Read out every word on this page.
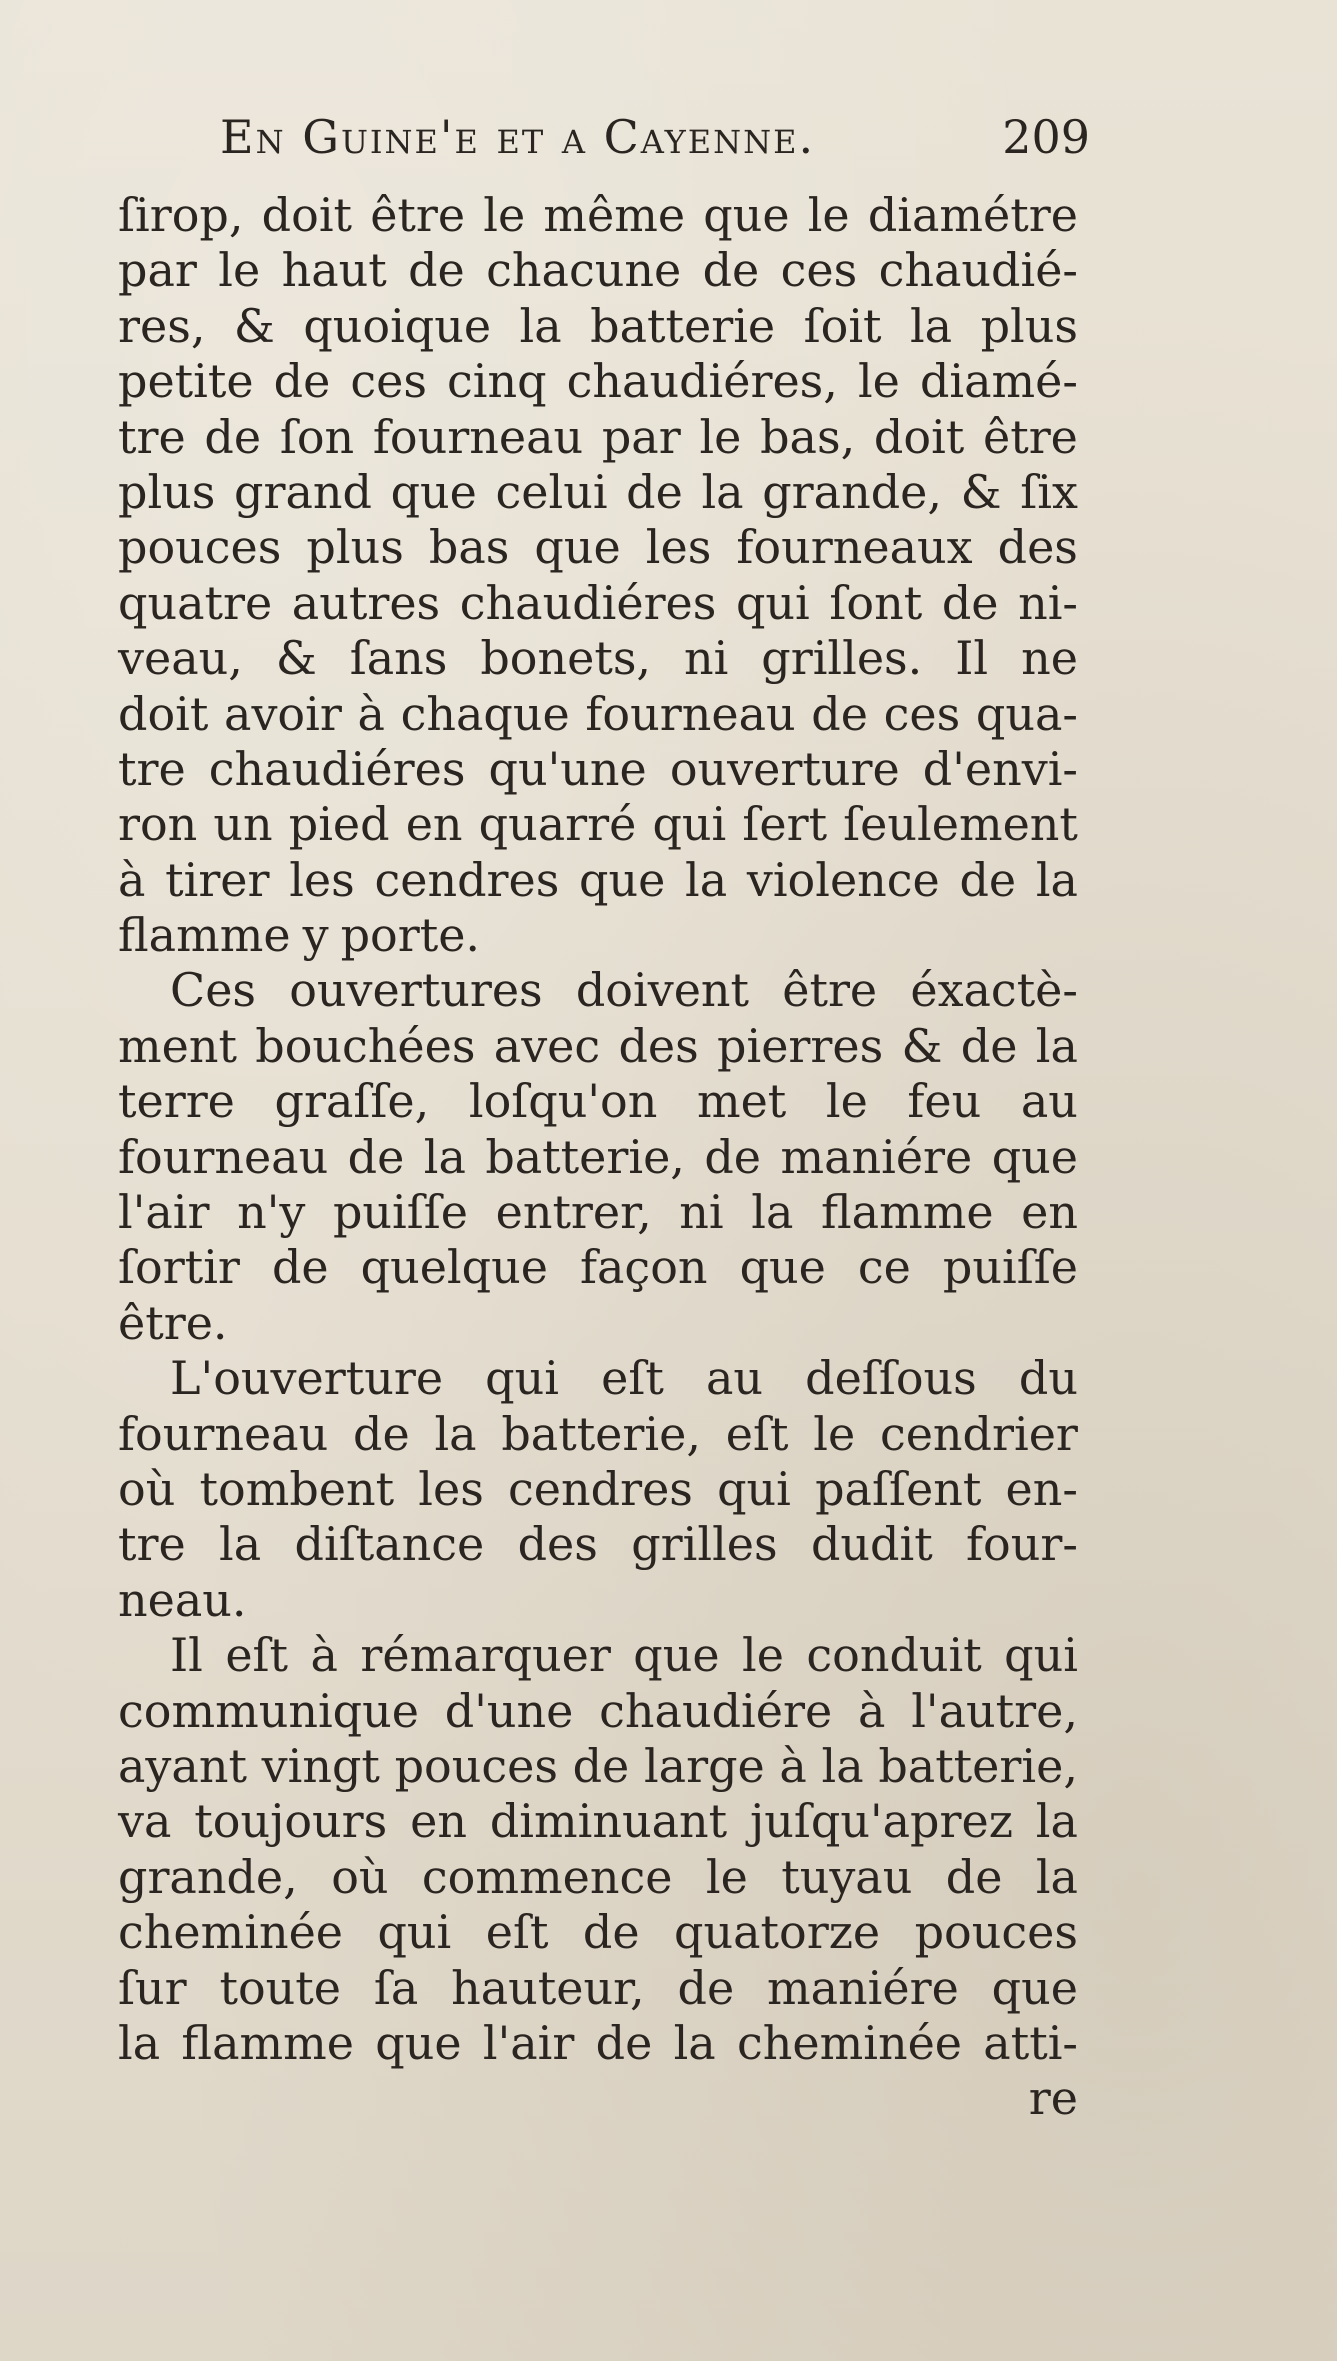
En Guine'e et a Cayenne.	209
ſirop, doit être le même que le diamétre
par le haut de chacune de ces chaudié-
res, & quoique la batterie ſoit la plus
petite de ces cinq chaudiéres, le diamé-
tre de ſon fourneau par le bas, doit être
plus grand que celui de la grande, & ſix
pouces plus bas que les fourneaux des
quatre autres chaudiéres qui ſont de ni-
veau, & ſans bonets, ni grilles. Il ne
doit avoir à chaque fourneau de ces qua-
tre chaudiéres qu'une ouverture d'envi-
ron un pied en quarré qui ſert ſeulement
à tirer les cendres que la violence de la
flamme y porte.
Ces ouvertures doivent être éxactè-
ment bouchées avec des pierres & de la
terre graſſe, loſqu'on met le feu au
fourneau de la batterie, de maniére que
l'air n'y puiſſe entrer, ni la flamme en
ſortir de quelque façon que ce puiſſe
être.
L'ouverture qui eſt au deſſous du
fourneau de la batterie, eſt le cendrier
où tombent les cendres qui paſſent en-
tre la diſtance des grilles dudit four-
neau.
Il eſt à rémarquer que le conduit qui
communique d'une chaudiére à l'autre,
ayant vingt pouces de large à la batterie,
va toujours en diminuant juſqu'aprez la
grande, où commence le tuyau de la
cheminée qui eſt de quatorze pouces
ſur toute ſa hauteur, de maniére que
la flamme que l'air de la cheminée atti-
re
